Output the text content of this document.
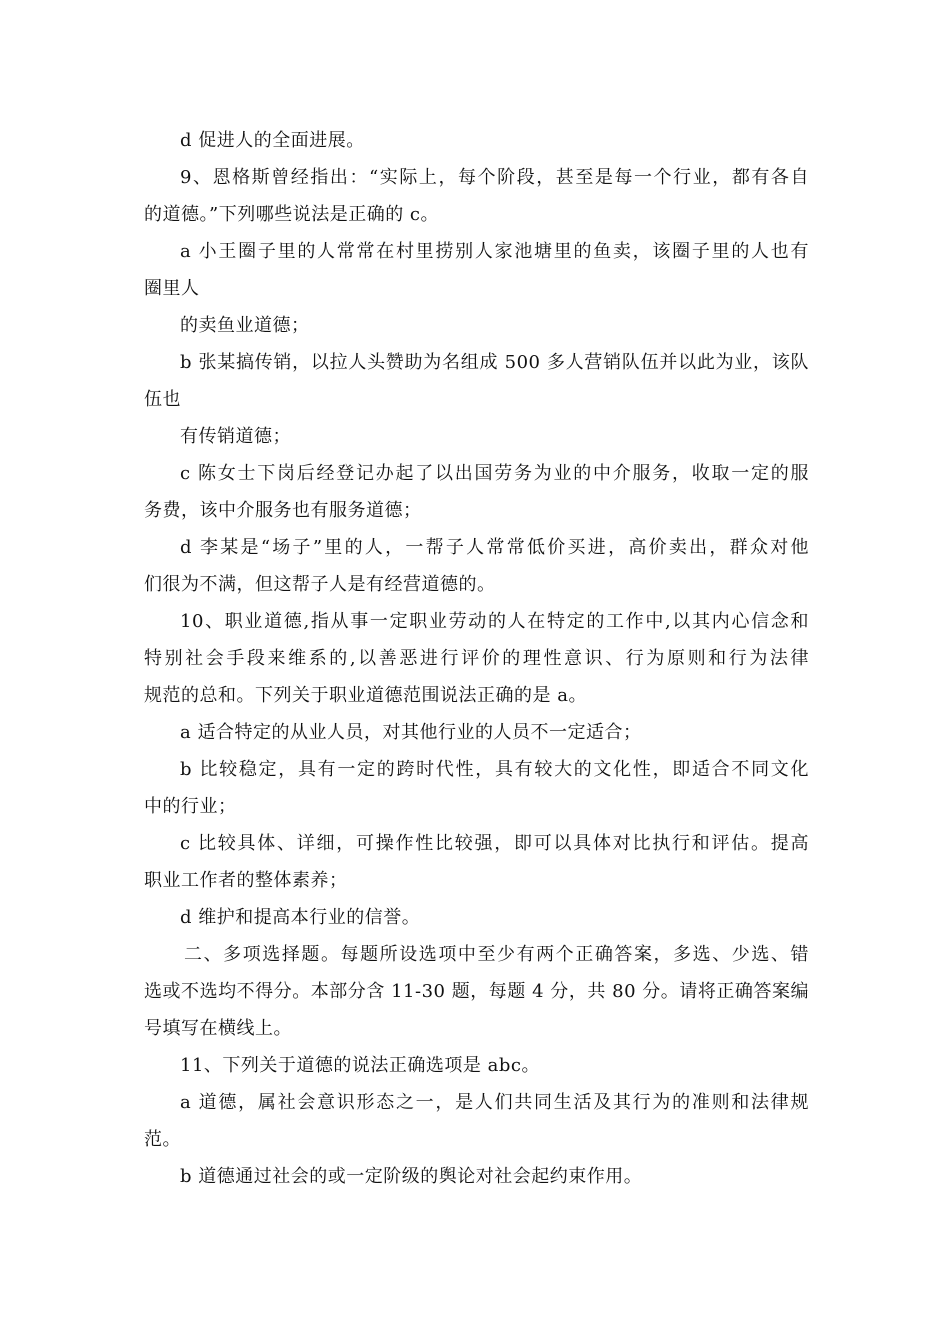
d 促进人的全面进展。
9、恩格斯曾经指出：“实际上，每个阶段，甚至是每一个行业，都有各自
的道德。”下列哪些说法是正确的 c。
a 小王圈子里的人常常在村里捞别人家池塘里的鱼卖，该圈子里的人也有
圈里人
的卖鱼业道德；
b 张某搞传销，以拉人头赞助为名组成 500 多人营销队伍并以此为业，该队
伍也
有传销道德；
c 陈女士下岗后经登记办起了以出国劳务为业的中介服务，收取一定的服
务费，该中介服务也有服务道德；
d 李某是“场子”里的人，一帮子人常常低价买进，高价卖出，群众对他
们很为不满，但这帮子人是有经营道德的。
10、职业道德,指从事一定职业劳动的人在特定的工作中,以其内心信念和
特别社会手段来维系的,以善恶进行评价的理性意识、行为原则和行为法律
规范的总和。下列关于职业道德范围说法正确的是 a。
a 适合特定的从业人员，对其他行业的人员不一定适合；
b 比较稳定，具有一定的跨时代性，具有较大的文化性，即适合不同文化
中的行业；
c 比较具体、详细，可操作性比较强，即可以具体对比执行和评估。提高
职业工作者的整体素养；
d 维护和提高本行业的信誉。
二、多项选择题。每题所设选项中至少有两个正确答案，多选、少选、错
选或不选均不得分。本部分含 11-30 题，每题 4 分，共 80 分。请将正确答案编
号填写在横线上。
11、下列关于道德的说法正确选项是 abc。
a 道德，属社会意识形态之一，是人们共同生活及其行为的准则和法律规
范。
b 道德通过社会的或一定阶级的舆论对社会起约束作用。
